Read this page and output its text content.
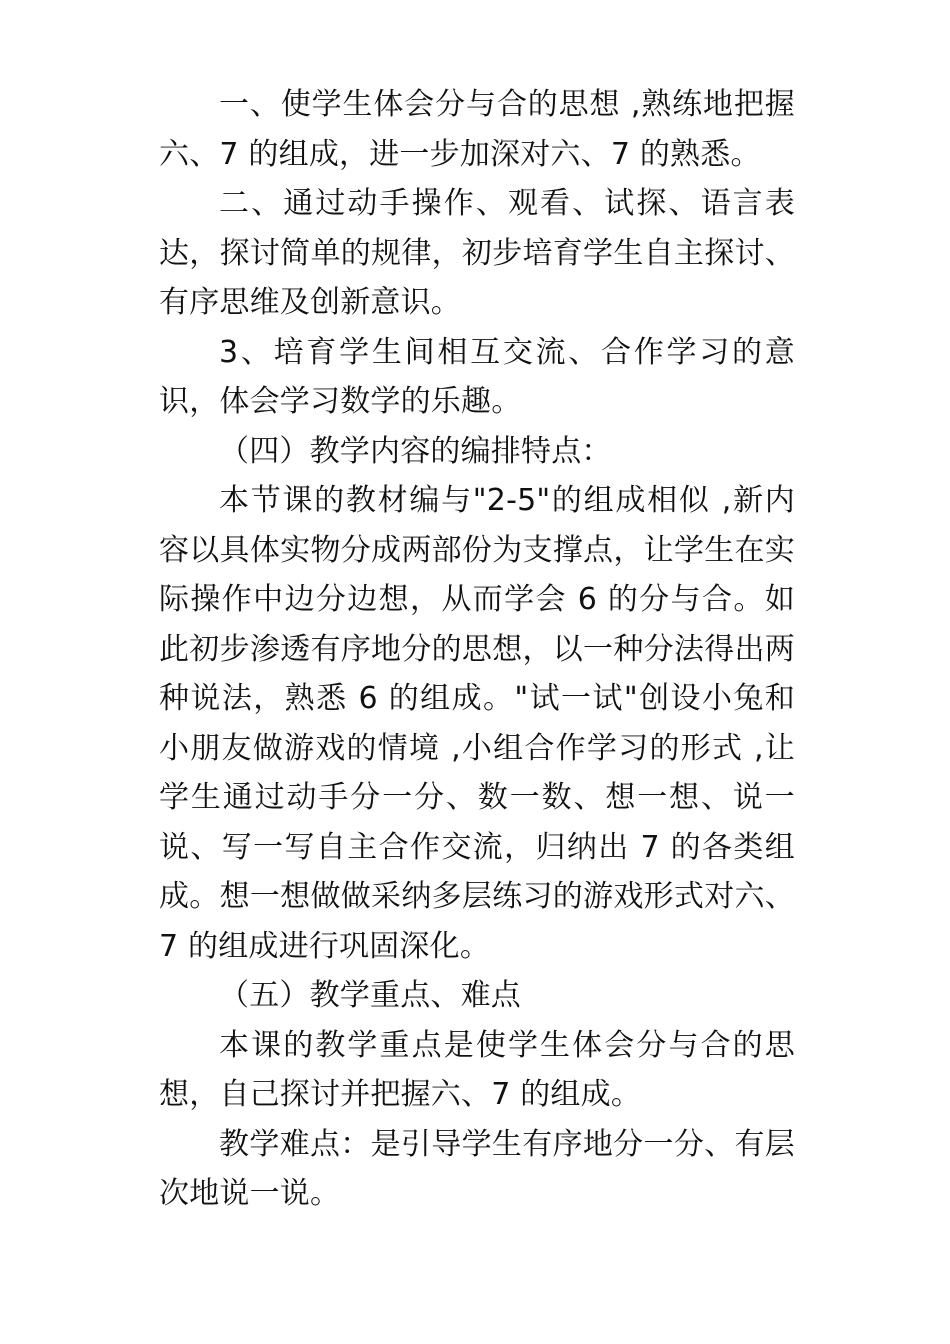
一、使学生体会分与合的思想 ,熟练地把握六、7 的组成，进一步加深对六、7 的熟悉。

二、通过动手操作、观看、试探、语言表达，探讨简单的规律，初步培育学生自主探讨、有序思维及创新意识。

3、培育学生间相互交流、合作学习的意识，体会学习数学的乐趣。

（四）教学内容的编排特点：

本节课的教材编与"2-5"的组成相似 ,新内容以具体实物分成两部份为支撑点，让学生在实际操作中边分边想，从而学会 6 的分与合。如此初步渗透有序地分的思想，以一种分法得出两种说法，熟悉 6 的组成。"试一试"创设小兔和小朋友做游戏的情境 ,小组合作学习的形式 ,让学生通过动手分一分、数一数、想一想、说一说、写一写自主合作交流，归纳出 7 的各类组成。想一想做做采纳多层练习的游戏形式对六、7 的组成进行巩固深化。

（五）教学重点、难点

本课的教学重点是使学生体会分与合的思想，自己探讨并把握六、7 的组成。

教学难点：是引导学生有序地分一分、有层次地说一说。
